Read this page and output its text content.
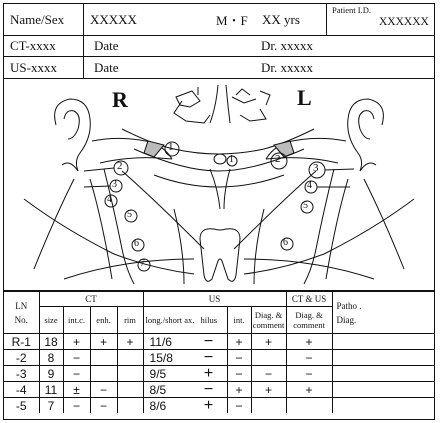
Name/Sex	XXXXX	M・F	XX yrs
Patient I.D.
XXXXXX
CT-xxxx	Date	Dr. xxxxx
US-xxxx	Date	Dr. xxxxx
R	L
1
2
3
4
5
6
7
1	2
3
4
5
6
LN
No.	CT				US			CT & US	Patho .
Diag.
	size	int.c.	enh.	rim	long./short ax. hilus	int.	Diag. & comment	Diag. & comment	
R-1	18	+	+	+	11/6 −	+	+	+	
-2	8	−			15/8 −	−		−	
-3	9	−			9/5 +	−	−	−	
-4	11	±	−		8/5 −	+	+	+	
-5	7	−	−		8/6 +	−			
